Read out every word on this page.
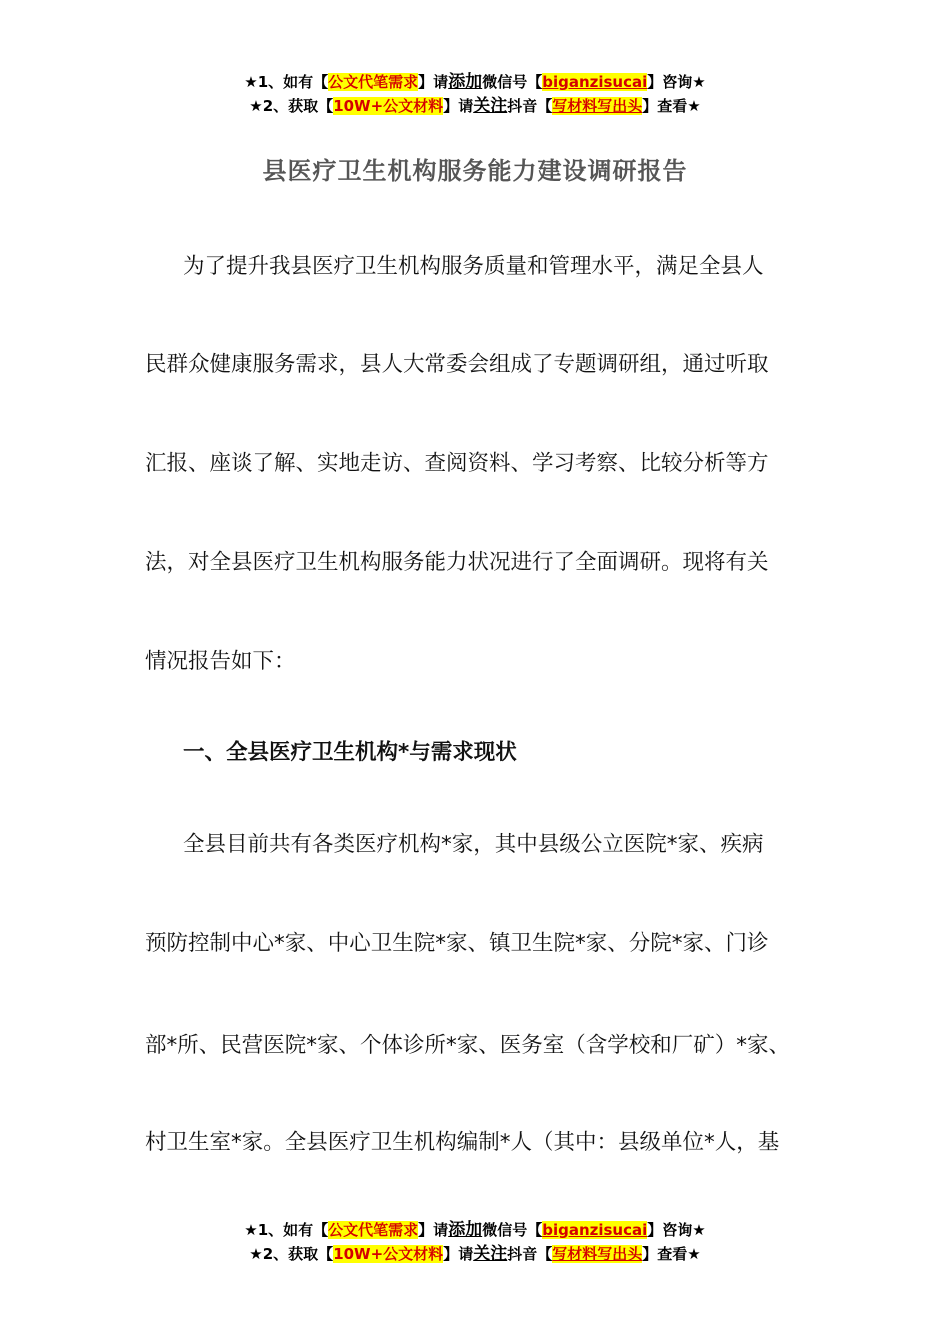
★1、如有【公文代笔需求】请添加微信号【biganzisucai】咨询★
★2、获取【10W+公文材料】请关注抖音【写材料写出头】查看★
县医疗卫生机构服务能力建设调研报告
为了提升我县医疗卫生机构服务质量和管理水平，满足全县人
民群众健康服务需求，县人大常委会组成了专题调研组，通过听取
汇报、座谈了解、实地走访、查阅资料、学习考察、比较分析等方
法，对全县医疗卫生机构服务能力状况进行了全面调研。现将有关
情况报告如下：
一、全县医疗卫生机构*与需求现状
全县目前共有各类医疗机构*家，其中县级公立医院*家、疾病
预防控制中心*家、中心卫生院*家、镇卫生院*家、分院*家、门诊
部*所、民营医院*家、个体诊所*家、医务室（含学校和厂矿）*家、
村卫生室*家。全县医疗卫生机构编制*人（其中：县级单位*人，基
★1、如有【公文代笔需求】请添加微信号【biganzisucai】咨询★
★2、获取【10W+公文材料】请关注抖音【写材料写出头】查看★
